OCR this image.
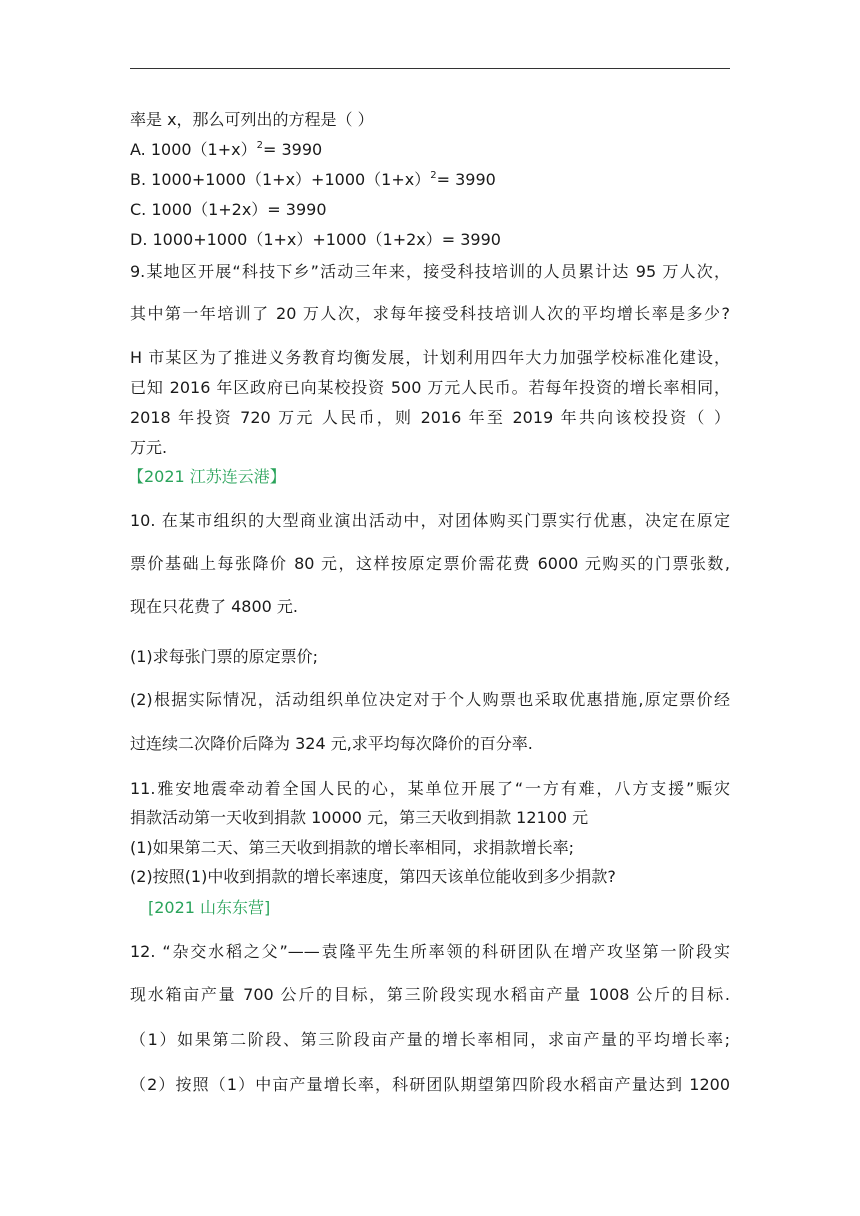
率是 x，那么可列出的方程是（ ）
A. $1000(1+x)^2= 3990$
B. $1000+1000(1+x)+1000(1+x)^2= 3990$
C. 1000（1+2x）= 3990
D. 1000+1000（1+x）+1000（1+2x）= 3990
9.某地区开展“科技下乡”活动三年来，接受科技培训的人员累计达 95 万人次，
其中第一年培训了 20 万人次，求每年接受科技培训人次的平均增长率是多少?
H 市某区为了推进义务教育均衡发展，计划利用四年大力加强学校标准化建设，
已知 2016 年区政府已向某校投资 500 万元人民币。若每年投资的增长率相同，
2018 年投资 720 万元 人民币，则 2016 年至 2019 年共向该校投资（ ）
万元.
【2021 江苏连云港】
10. 在某市组织的大型商业演出活动中，对团体购买门票实行优惠，决定在原定
票价基础上每张降价 80 元，这样按原定票价需花费 6000 元购买的门票张数,
现在只花费了 4800 元.
(1)求每张门票的原定票价;
(2)根据实际情况，活动组织单位决定对于个人购票也采取优惠措施,原定票价经
过连续二次降价后降为 324 元,求平均每次降价的百分率.
11.雅安地震牵动着全国人民的心，某单位开展了“一方有难，八方支援”赈灾
捐款活动第一天收到捐款 10000 元，第三天收到捐款 12100 元
(1)如果第二天、第三天收到捐款的增长率相同，求捐款增长率;
(2)按照(1)中收到捐款的增长率速度，第四天该单位能收到多少捐款?
[2021 山东东营]
12. “杂交水稻之父”——袁隆平先生所率领的科研团队在增产攻坚第一阶段实
现水箱亩产量 700 公斤的目标，第三阶段实现水稻亩产量 1008 公斤的目标.
（1）如果第二阶段、第三阶段亩产量的增长率相同，求亩产量的平均增长率;
（2）按照（1）中亩产量增长率，科研团队期望第四阶段水稻亩产量达到 1200
